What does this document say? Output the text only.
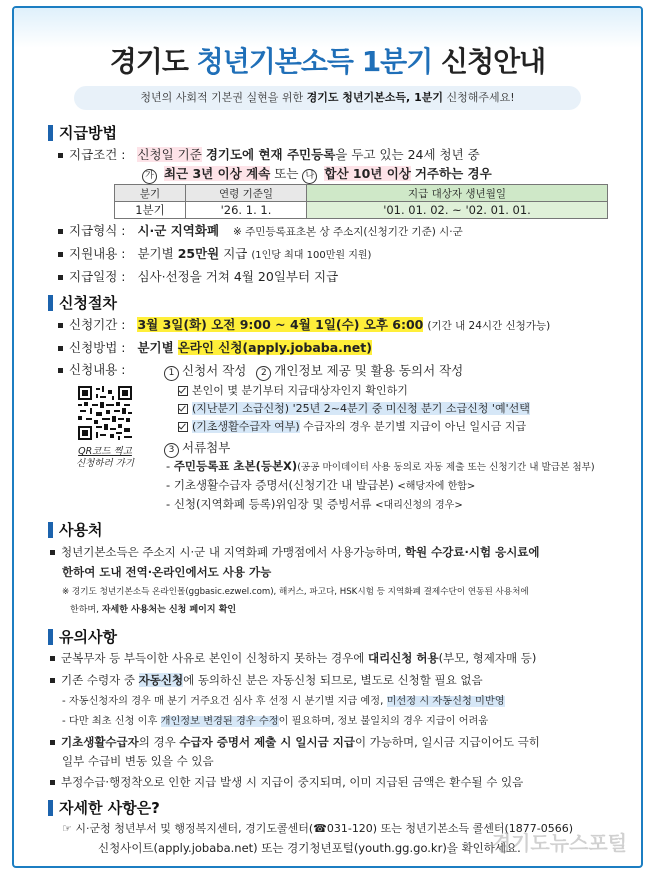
경기도 청년기본소득 1분기 신청안내
청년의 사회적 기본권 실현을 위한 경기도 청년기본소득, 1분기 신청해주세요!
지급방법
지급조건 : 신청일 기준 경기도에 현재 주민등록을 두고 있는 24세 청년 중
가 최근 3년 이상 계속 또는 나 합산 10년 이상 거주하는 경우
분기	연령 기준일	지급 대상자 생년월일
1분기	'26. 1. 1.	'01. 01. 02. ~ '02. 01. 01.
지급형식 : 시·군 지역화폐 ※ 주민등록표초본 상 주소지(신청기간 기준) 시·군
지원내용 : 분기별 25만원 지급 (1인당 최대 100만원 지원)
지급일정 : 심사·선정을 거쳐 4월 20일부터 지급
신청절차
신청기간 : 3월 3일(화) 오전 9:00 ~ 4월 1일(수) 오후 6:00 (기간 내 24시간 신청가능)
신청방법 : 분기별 온라인 신청(apply.jobaba.net)
신청내용 :	1 신청서 작성 2 개인정보 제공 및 활용 동의서 작성
본인이 몇 분기부터 지급대상자인지 확인하기
(지난분기 소급신청) '25년 2~4분기 중 미신청 분기 소급신청 '예'선택
(기초생활수급자 여부) 수급자의 경우 분기별 지급이 아닌 일시금 지급
QR코드 찍고
신청하러 가기
3 서류첨부
- 주민등록표 초본(등본X)(공공 마이데이터 사용 동의로 자동 제출 또는 신청기간 내 발급본 첨부)
- 기초생활수급자 증명서(신청기간 내 발급본) <해당자에 한함>
- 신청(지역화폐 등록)위임장 및 증빙서류 <대리신청의 경우>
사용처
청년기본소득은 주소지 시·군 내 지역화폐 가맹점에서 사용가능하며, 학원 수강료·시험 응시료에
한하여 도내 전역·온라인에서도 사용 가능
※ 경기도 청년기본소득 온라인몰(ggbasic.ezwel.com), 해커스, 파고다, HSK시험 등 지역화폐 결제수단이 연동된 사용처에
한하며, 자세한 사용처는 신청 페이지 확인
유의사항
군복무자 등 부득이한 사유로 본인이 신청하지 못하는 경우에 대리신청 허용(부모, 형제자매 등)
기존 수령자 중 자동신청에 동의하신 분은 자동신청 되므로, 별도로 신청할 필요 없음
- 자동신청자의 경우 매 분기 거주요건 심사 후 선정 시 분기별 지급 예정, 미선정 시 자동신청 미반영
- 다만 최초 신청 이후 개인정보 변경된 경우 수정이 필요하며, 정보 불일치의 경우 지급이 어려움
기초생활수급자의 경우 수급자 증명서 제출 시 일시금 지급이 가능하며, 일시금 지급이어도 극히
일부 수급비 변동 있을 수 있음
부정수급·행정착오로 인한 지급 발생 시 지급이 중지되며, 이미 지급된 금액은 환수될 수 있음
자세한 사항은?
☞ 시·군청 청년부서 및 행정복지센터, 경기도콜센터(☎031-120) 또는 청년기본소득 콜센터(1877-0566)
신청사이트(apply.jobaba.net) 또는 경기청년포털(youth.gg.go.kr)을 확인하세요.
경기도뉴스포털
